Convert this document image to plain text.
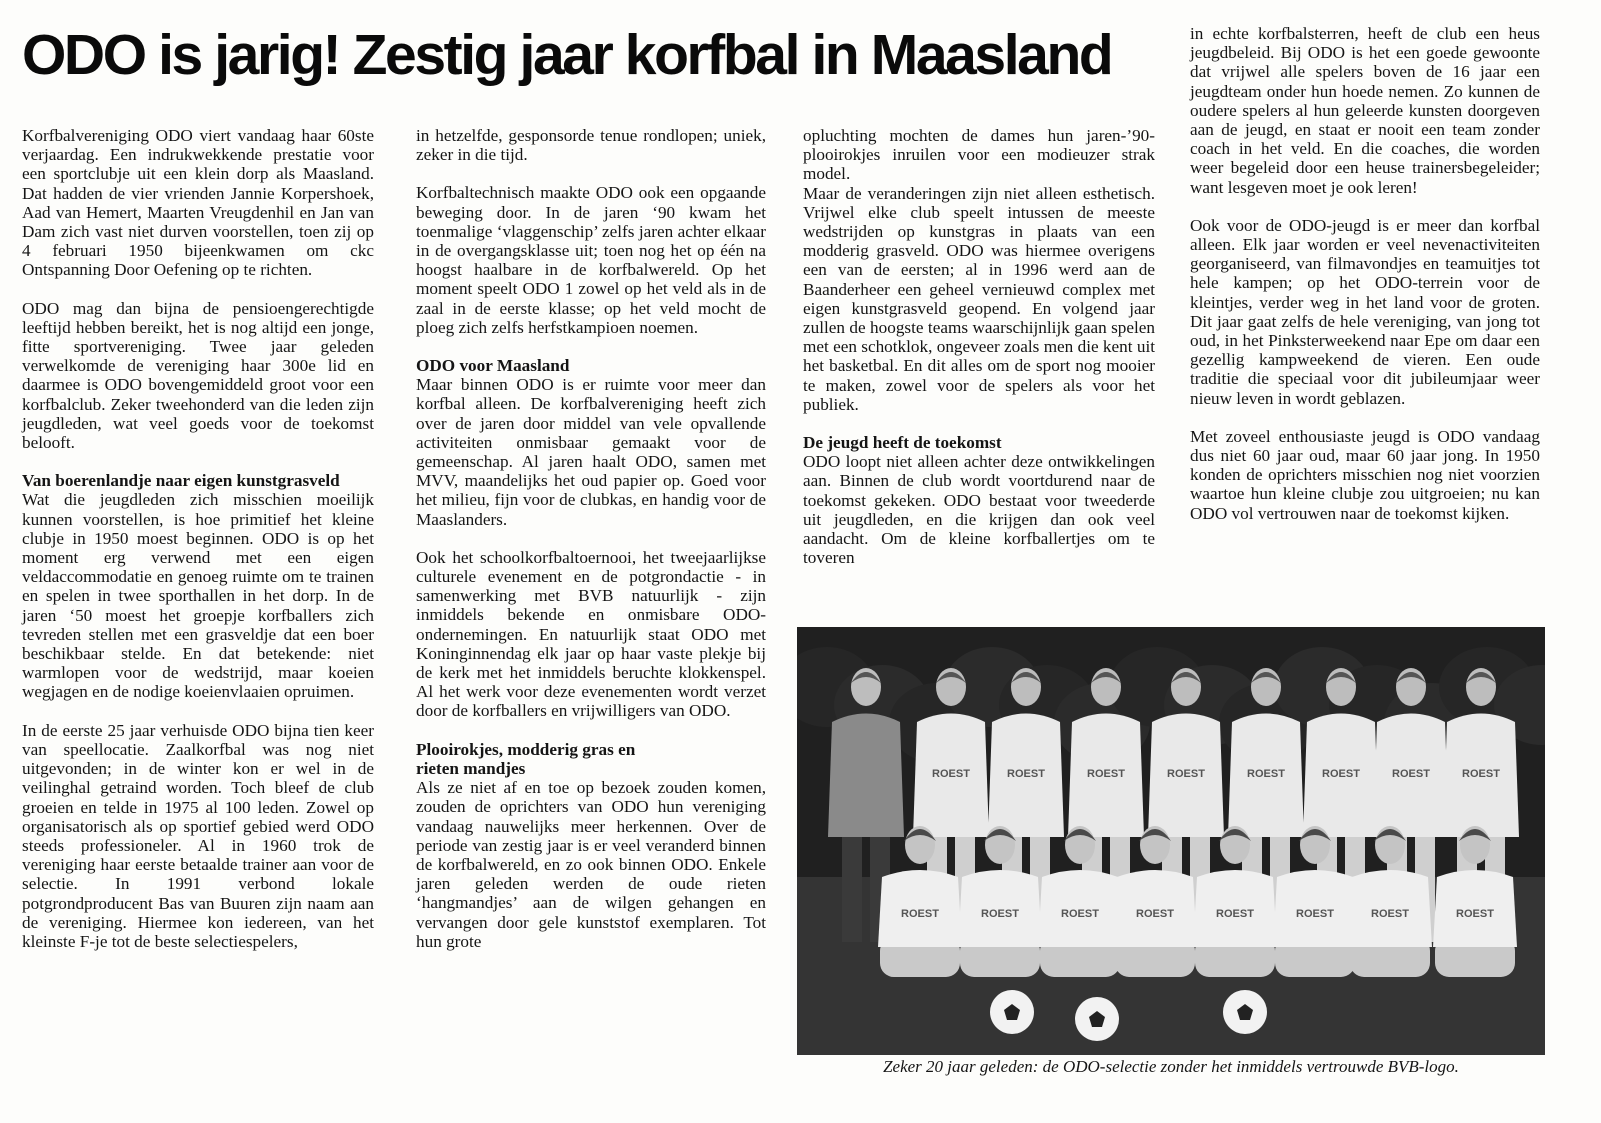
ODO is jarig! Zestig jaar korfbal in Maasland

Korfbalvereniging ODO viert vandaag haar 60ste verjaardag. Een indrukwekkende prestatie voor een sportclubje uit een klein dorp als Maasland. Dat hadden de vier vrienden Jannie Korpershoek, Aad van Hemert, Maarten Vreugdenhil en Jan van Dam zich vast niet durven voorstellen, toen zij op 4 februari 1950 bijeenkwamen om ckc Ontspanning Door Oefening op te richten.

ODO mag dan bijna de pensioengerechtigde leeftijd hebben bereikt, het is nog altijd een jonge, fitte sportvereniging. Twee jaar geleden verwelkomde de vereniging haar 300e lid en daarmee is ODO bovengemiddeld groot voor een korfbalclub. Zeker tweehonderd van die leden zijn jeugdleden, wat veel goeds voor de toekomst belooft.

Van boerenlandje naar eigen kunstgrasveld

Wat die jeugdleden zich misschien moeilijk kunnen voorstellen, is hoe primitief het kleine clubje in 1950 moest beginnen. ODO is op het moment erg verwend met een eigen veldaccommodatie en genoeg ruimte om te trainen en spelen in twee sporthallen in het dorp. In de jaren ‘50 moest het groepje korfballers zich tevreden stellen met een grasveldje dat een boer beschikbaar stelde. En dat betekende: niet warmlopen voor de wedstrijd, maar koeien wegjagen en de nodige koeienvlaaien opruimen.

In de eerste 25 jaar verhuisde ODO bijna tien keer van speellocatie. Zaalkorfbal was nog niet uitgevonden; in de winter kon er wel in de veilinghal getraind worden. Toch bleef de club groeien en telde in 1975 al 100 leden. Zowel op organisatorisch als op sportief gebied werd ODO steeds professioneler. Al in 1960 trok de vereniging haar eerste betaalde trainer aan voor de selectie. In 1991 verbond lokale potgrondproducent Bas van Buuren zijn naam aan de vereniging. Hiermee kon iedereen, van het kleinste F-je tot de beste selectiespelers,

in hetzelfde, gesponsorde tenue rondlopen; uniek, zeker in die tijd.

Korfbaltechnisch maakte ODO ook een opgaande beweging door. In de jaren ‘90 kwam het toenmalige ‘vlaggenschip’ zelfs jaren achter elkaar in de overgangsklasse uit; toen nog het op één na hoogst haalbare in de korfbalwereld. Op het moment speelt ODO 1 zowel op het veld als in de zaal in de eerste klasse; op het veld mocht de ploeg zich zelfs herfstkampioen noemen.

ODO voor Maasland

Maar binnen ODO is er ruimte voor meer dan korfbal alleen. De korfbalvereniging heeft zich over de jaren door middel van vele opvallende activiteiten onmisbaar gemaakt voor de gemeenschap. Al jaren haalt ODO, samen met MVV, maandelijks het oud papier op. Goed voor het milieu, fijn voor de clubkas, en handig voor de Maaslanders.

Ook het schoolkorfbaltoernooi, het tweejaarlijkse culturele evenement en de potgrondactie - in samenwerking met BVB natuurlijk - zijn inmiddels bekende en onmisbare ODO-ondernemingen. En natuurlijk staat ODO met Koninginnendag elk jaar op haar vaste plekje bij de kerk met het inmiddels beruchte klokkenspel. Al het werk voor deze evenementen wordt verzet door de korfballers en vrijwilligers van ODO.

Plooirokjes, modderig gras en rieten mandjes

Als ze niet af en toe op bezoek zouden komen, zouden de oprichters van ODO hun vereniging vandaag nauwelijks meer herkennen. Over de periode van zestig jaar is er veel veranderd binnen de korfbalwereld, en zo ook binnen ODO. Enkele jaren geleden werden de oude rieten ‘hangmandjes’ aan de wilgen gehangen en vervangen door gele kunststof exemplaren. Tot hun grote

opluchting mochten de dames hun jaren-’90-plooirokjes inruilen voor een modieuzer strak model.

Maar de veranderingen zijn niet alleen esthetisch. Vrijwel elke club speelt intussen de meeste wedstrijden op kunstgras in plaats van een modderig grasveld. ODO was hiermee overigens een van de eersten; al in 1996 werd aan de Baanderheer een geheel vernieuwd complex met eigen kunstgrasveld geopend. En volgend jaar zullen de hoogste teams waarschijnlijk gaan spelen met een schotklok, ongeveer zoals men die kent uit het basketbal. En dit alles om de sport nog mooier te maken, zowel voor de spelers als voor het publiek.

De jeugd heeft de toekomst

ODO loopt niet alleen achter deze ontwikkelingen aan. Binnen de club wordt voortdurend naar de toekomst gekeken. ODO bestaat voor tweederde uit jeugdleden, en die krijgen dan ook veel aandacht. Om de kleine korfballertjes om te toveren

in echte korfbalsterren, heeft de club een heus jeugdbeleid. Bij ODO is het een goede gewoonte dat vrijwel alle spelers boven de 16 jaar een jeugdteam onder hun hoede nemen. Zo kunnen de oudere spelers al hun geleerde kunsten doorgeven aan de jeugd, en staat er nooit een team zonder coach in het veld. En die coaches, die worden weer begeleid door een heuse trainersbegeleider; want lesgeven moet je ook leren!

Ook voor de ODO-jeugd is er meer dan korfbal alleen. Elk jaar worden er veel nevenactiviteiten georganiseerd, van filmavondjes en teamuitjes tot hele kampen; op het ODO-terrein voor de kleintjes, verder weg in het land voor de groten. Dit jaar gaat zelfs de hele vereniging, van jong tot oud, in het Pinksterweekend naar Epe om daar een gezellig kampweekend de vieren. Een oude traditie die speciaal voor dit jubileumjaar weer nieuw leven in wordt geblazen.

Met zoveel enthousiaste jeugd is ODO vandaag dus niet 60 jaar oud, maar 60 jaar jong. In 1950 konden de oprichters misschien nog niet voorzien waartoe hun kleine clubje zou uitgroeien; nu kan ODO vol vertrouwen naar de toekomst kijken.

ROEST	ROEST	ROEST	ROEST	ROEST	ROEST	ROEST	ROEST
ROEST	ROEST	ROEST	ROEST	ROEST	ROEST	ROEST	ROEST

Zeker 20 jaar geleden: de ODO-selectie zonder het inmiddels vertrouwde BVB-logo.
